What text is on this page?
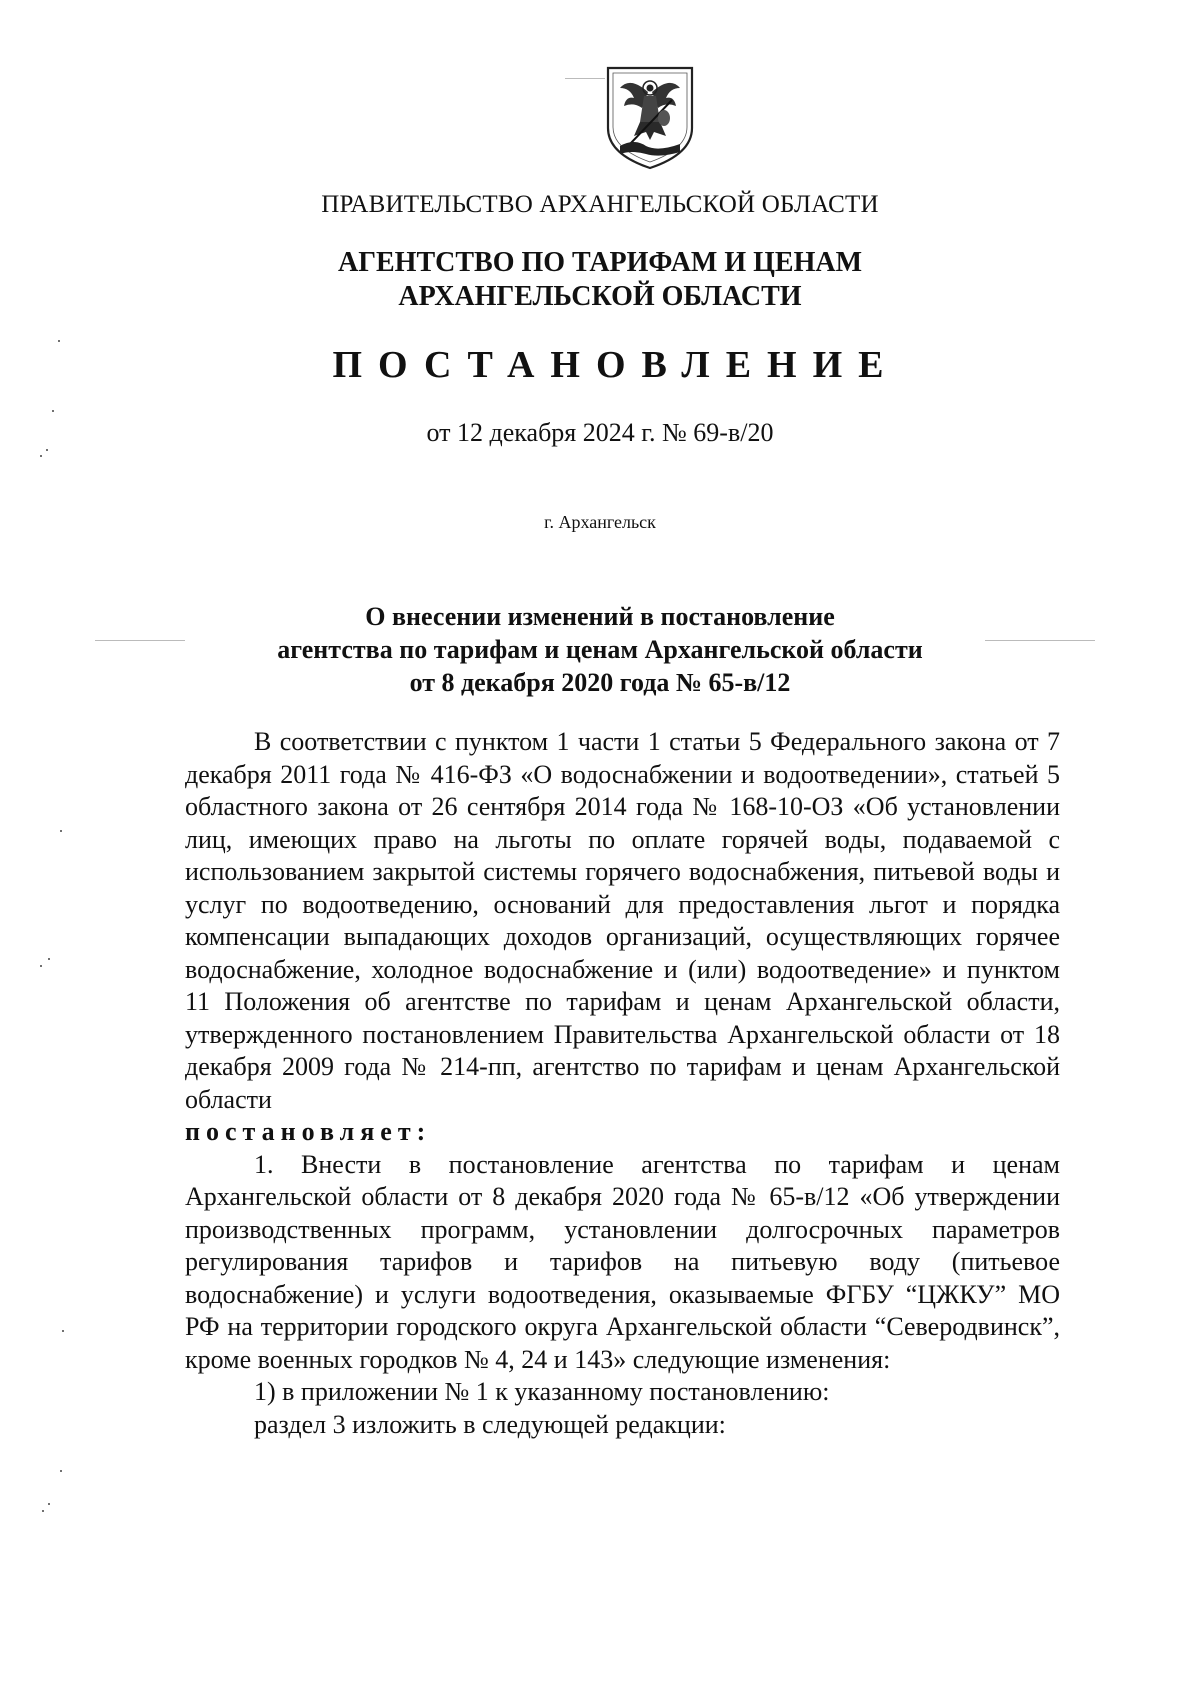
ПРАВИТЕЛЬСТВО АРХАНГЕЛЬСКОЙ ОБЛАСТИ
АГЕНТСТВО ПО ТАРИФАМ И ЦЕНАМ
АРХАНГЕЛЬСКОЙ ОБЛАСТИ
ПОСТАНОВЛЕНИЕ
от 12 декабря 2024 г. № 69-в/20
г. Архангельск
О внесении изменений в постановление
агентства по тарифам и ценам Архангельской области
от 8 декабря 2020 года № 65-в/12

В соответствии с пунктом 1 части 1 статьи 5 Федерального закона от 7 декабря 2011 года № 416-ФЗ «О водоснабжении и водоотведении», статьей 5 областного закона от 26 сентября 2014 года № 168-10-ОЗ «Об установлении лиц, имеющих право на льготы по оплате горячей воды, подаваемой с использованием закрытой системы горячего водоснабжения, питьевой воды и услуг по водоотведению, оснований для предоставления льгот и порядка компенсации выпадающих доходов организаций, осуществляющих горячее водоснабжение, холодное водоснабжение и (или) водоотведение» и пунктом 11 Положения об агентстве по тарифам и ценам Архангельской области, утвержденного постановлением Правительства Архангельской области от 18 декабря 2009 года № 214-пп, агентство по тарифам и ценам Архангельской области

постановляет:

1. Внести в постановление агентства по тарифам и ценам Архангельской области от 8 декабря 2020 года № 65-в/12 «Об утверждении производственных программ, установлении долгосрочных параметров регулирования тарифов и тарифов на питьевую воду (питьевое водоснабжение) и услуги водоотведения, оказываемые ФГБУ “ЦЖКУ” МО РФ на территории городского округа Архангельской области “Северодвинск”, кроме военных городков № 4, 24 и 143» следующие изменения:

1) в приложении № 1 к указанному постановлению:

раздел 3 изложить в следующей редакции:
